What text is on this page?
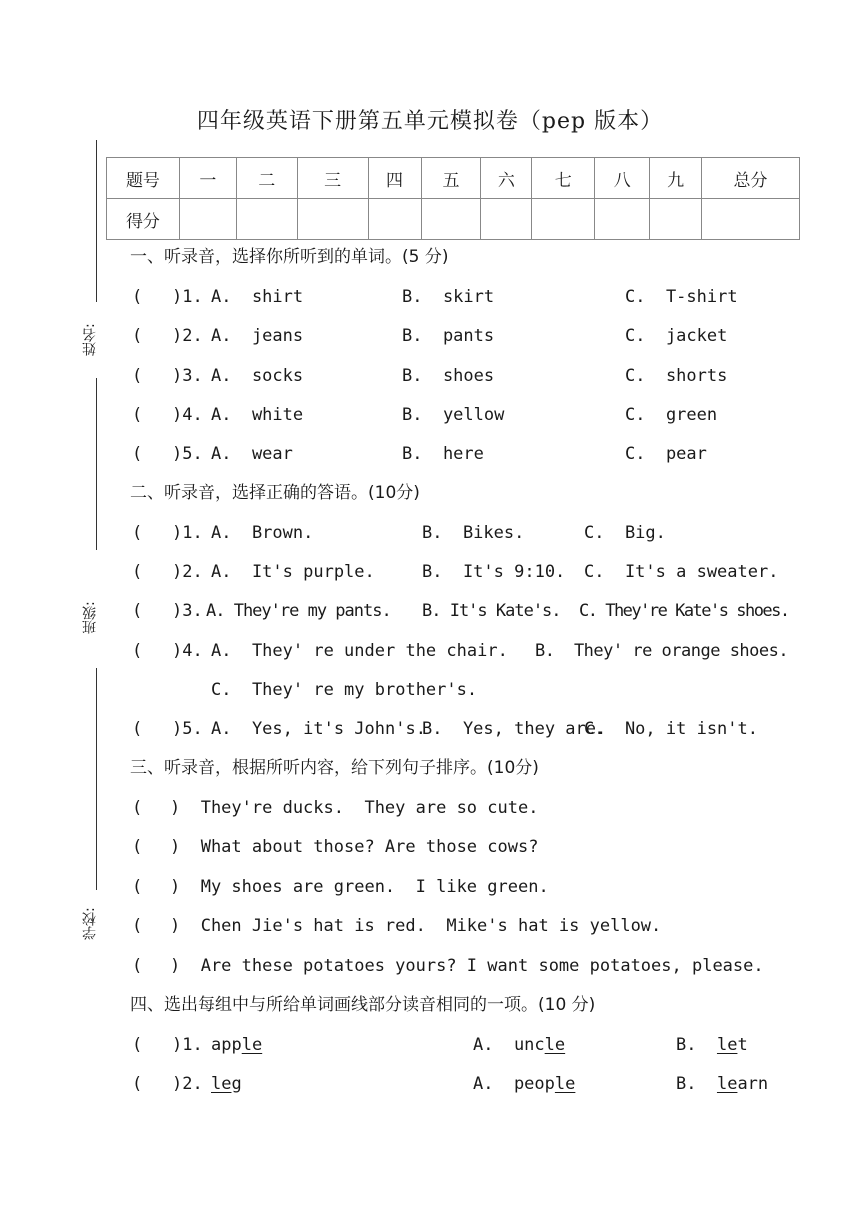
四年级英语下册第五单元模拟卷（pep 版本）
姓名:
班级:
学校:
题号	一	二	三	四	五	六	七	八	九	总分
得分										
一、听录音，选择你所听到的单词。(5 分)
( )1. A.  shirt	B.  skirt	C.  T-shirt
( )2. A.  jeans	B.  pants	C.  jacket
( )3. A.  socks	B.  shoes	C.  shorts
( )4. A.  white	B.  yellow	C.  green
( )5. A.  wear	B.  here	C.  pear
二、听录音，选择正确的答语。(10分)
( )1. A.  Brown.	B.  Bikes.	C.  Big.
( )2. A.  It's purple.	B.  It's 9:10. C.  It's a sweater.
( )3. A. They're my pants. B. It's Kate's. C. They're Kate's shoes.
( )4. A.  They' re under the chair. B.  They' re orange shoes.
C.  They' re my brother's.
( )5. A.  Yes, it's John's.
B.  Yes, they are.
C.  No, it isn't.
三、听录音，根据所听内容，给下列句子排序。(10分)
( )  They're ducks.  They are so cute.
( )  What about those? Are those cows?
( )  My shoes are green.  I like green.
( )  Chen Jie's hat is red.  Mike's hat is yellow.
( )  Are these potatoes yours? I want some potatoes, please.
四、选出每组中与所给单词画线部分读音相同的一项。(10 分)
( )1. apple	A.  uncle	B.  let
( )2. leg	A.  people	B.  learn
